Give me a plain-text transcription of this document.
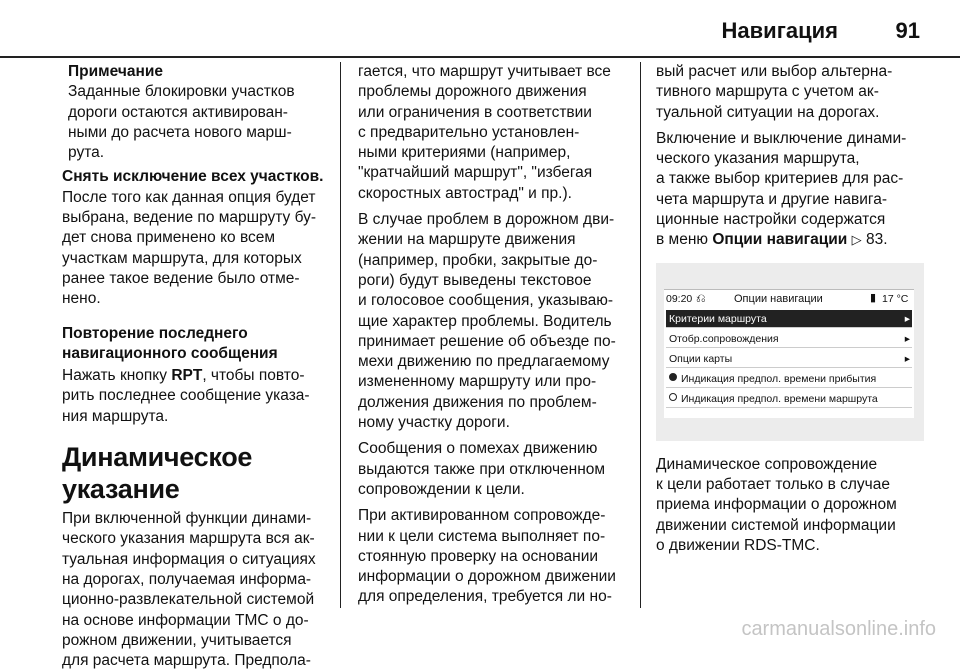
Навигация	91
Примечание
Заданные блокировки участков
дороги остаются активирован-
ными до расчета нового марш-
рута.
Снять исключение всех участков.
После того как данная опция будет
выбрана, ведение по маршруту бу-
дет снова применено ко всем
участкам маршрута, для которых
ранее такое ведение было отме-
нено.
Повторение последнего
навигационного сообщения
Нажать кнопку RPT, чтобы повто-
рить последнее сообщение указа-
ния маршрута.
Динамическое указание
При включенной функции динами-
ческого указания маршрута вся ак-
туальная информация о ситуациях
на дорогах, получаемая информа-
ционно-развлекательной системой
на основе информации ТМС о до-
рожном движении, учитывается
для расчета маршрута. Предпола-

гается, что маршрут учитывает все
проблемы дорожного движения
или ограничения в соответствии
с предварительно установлен-
ными критериями (например,
"кратчайший маршрут", "избегая
скоростных автострад" и пр.).

В случае проблем в дорожном дви-
жении на маршруте движения
(например, пробки, закрытые до-
роги) будут выведены текстовое
и голосовое сообщения, указываю-
щие характер проблемы. Водитель
принимает решение об объезде по-
мехи движению по предлагаемому
измененному маршруту или про-
должения движения по проблем-
ному участку дороги.

Сообщения о помехах движению
выдаются также при отключенном
сопровождении к цели.

При активированном сопровожде-
нии к цели система выполняет по-
стоянную проверку на основании
информации о дорожном движении
для определения, требуется ли но-

вый расчет или выбор альтерна-
тивного маршрута с учетом ак-
туальной ситуации на дорогах.

Включение и выключение динами-
ческого указания маршрута,
а также выбор критериев для рас-
чета маршрута и другие навига-
ционные настройки содержатся
в меню Опции навигации ▷ 83.

09:20 ⎌	Опции навигации	▮ 17 °C
Критерии маршрута	▸
Отобр.сопровождения	▸
Опции карты	▸
Индикация предпол. времени прибытия
Индикация предпол. времени маршрута

Динамическое сопровождение
к цели работает только в случае
приема информации о дорожном
движении системой информации
о движении RDS-TMC.

carmanualsonline.info
